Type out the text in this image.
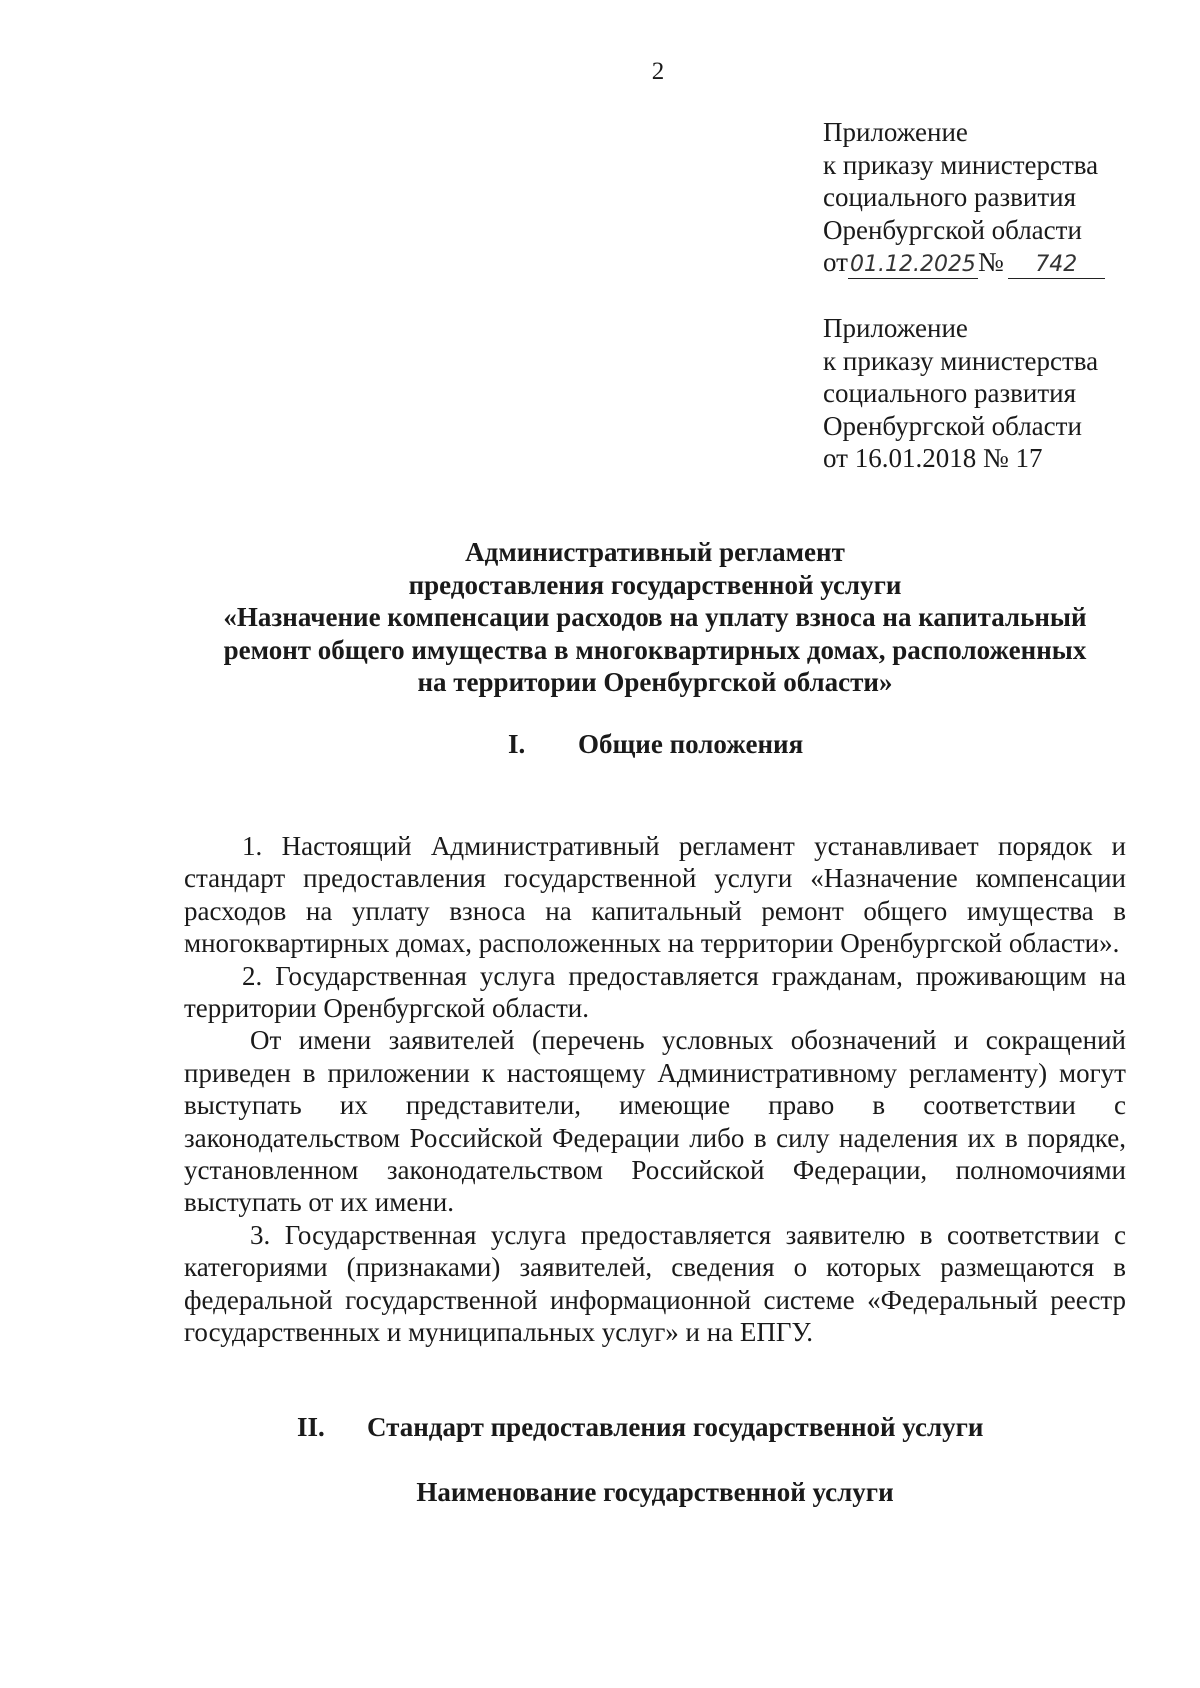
2
Приложение
к приказу министерства
социального развития
Оренбургской области
от01.12.2025№ 742
Приложение
к приказу министерства
социального развития
Оренбургской области
от 16.01.2018 № 17
Административный регламент
предоставления государственной услуги
«Назначение компенсации расходов на уплату взноса на капитальный
ремонт общего имущества в многоквартирных домах, расположенных
на территории Оренбургской области»
I. Общие положения

1. Настоящий Административный регламент устанавливает порядок и стандарт предоставления государственной услуги «Назначение компенсации расходов на уплату взноса на капитальный ремонт общего имущества в многоквартирных домах, расположенных на территории Оренбургской области».

2. Государственная услуга предоставляется гражданам, проживающим на территории Оренбургской области.

От имени заявителей (перечень условных обозначений и сокращений приведен в приложении к настоящему Административному регламенту) могут выступать их представители, имеющие право в соответствии с законодательством Российской Федерации либо в силу наделения их в порядке, установленном законодательством Российской Федерации, полномочиями выступать от их имени.

3. Государственная услуга предоставляется заявителю в соответствии с категориями (признаками) заявителей, сведения о которых размещаются в федеральной государственной информационной системе «Федеральный реестр государственных и муниципальных услуг» и на ЕПГУ.

II. Стандарт предоставления государственной услуги
Наименование государственной услуги
